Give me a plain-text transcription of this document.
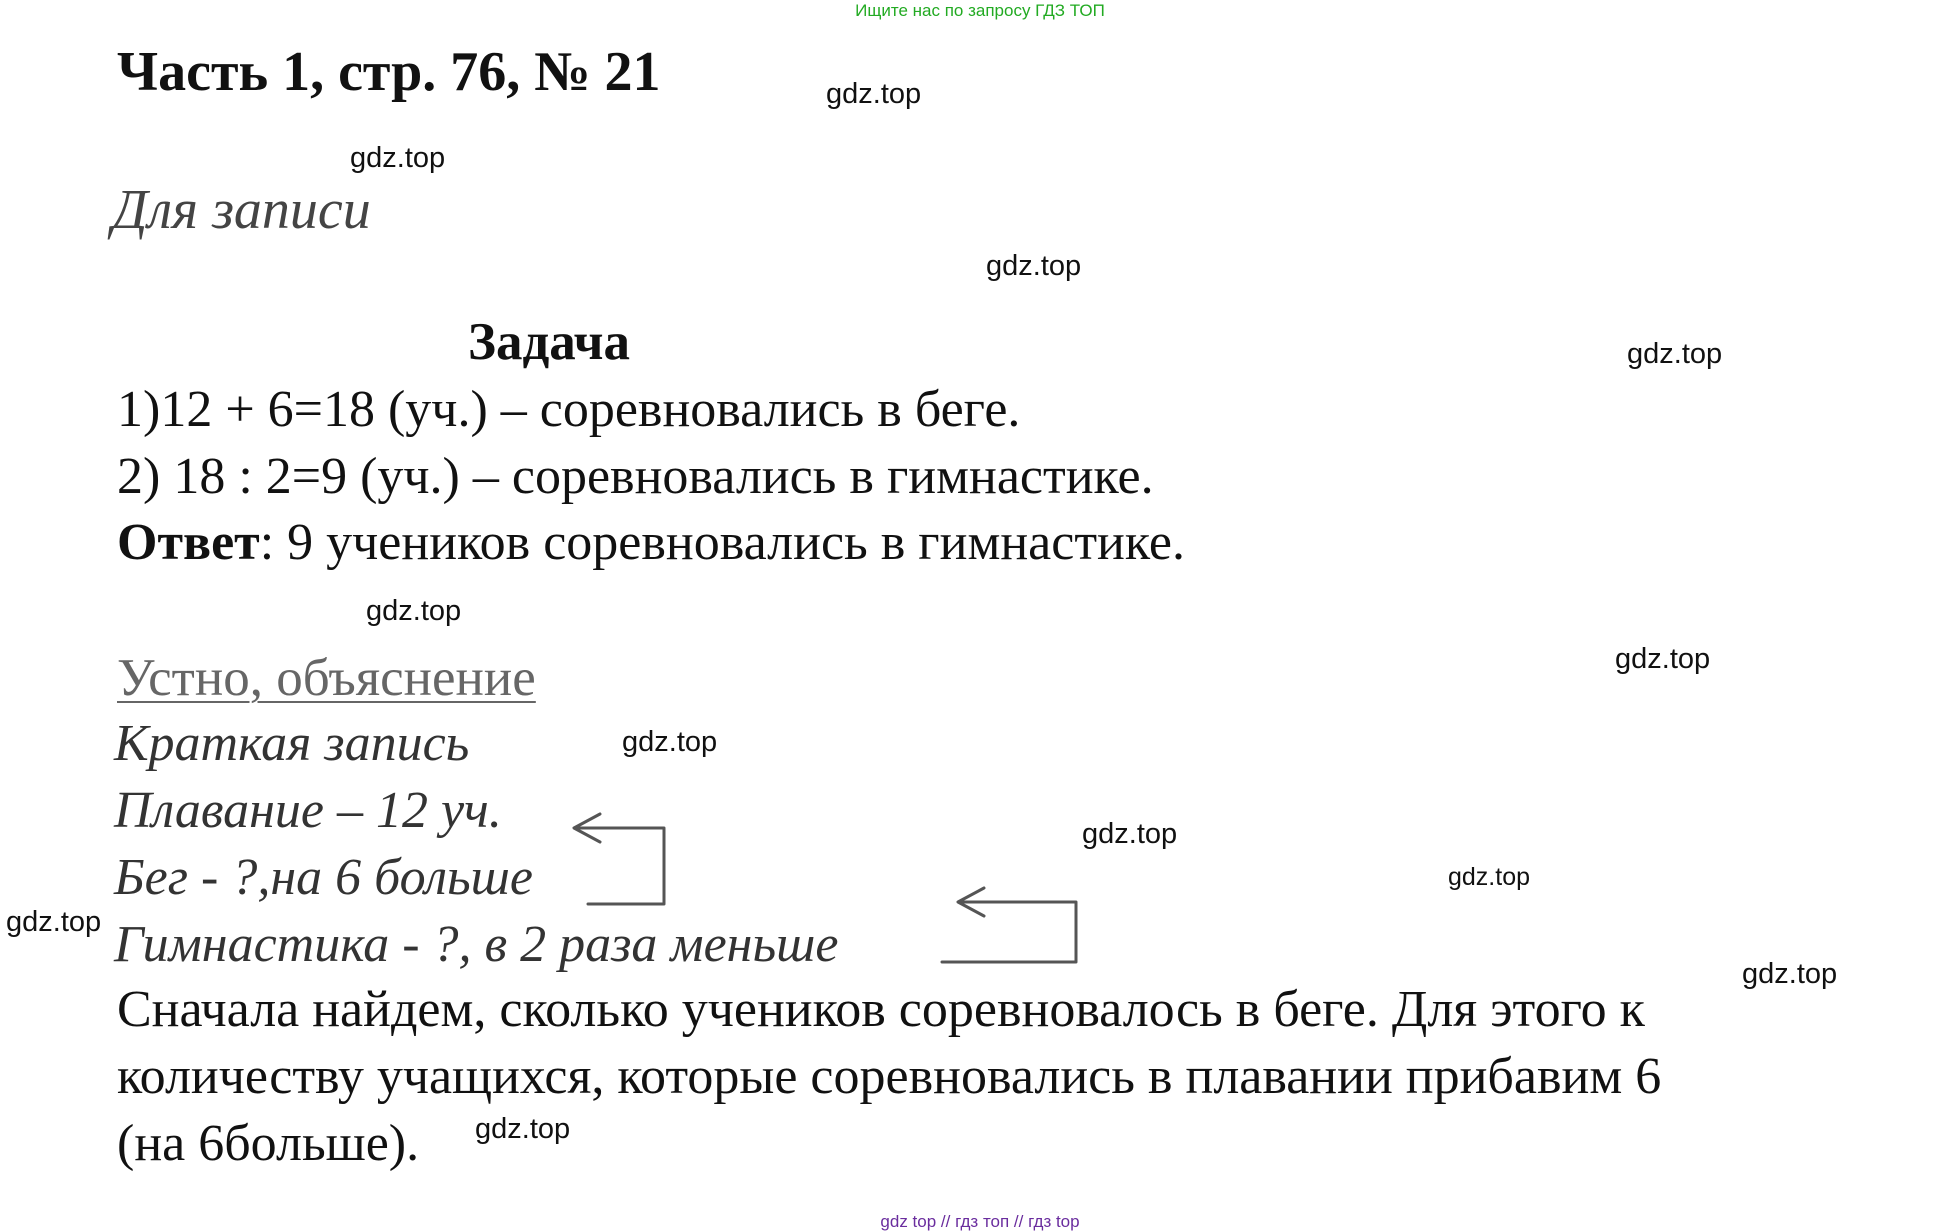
Ищите нас по запросу ГДЗ ТОП
Часть 1, стр. 76, № 21
Для записи
Задача
1)12 + 6=18 (уч.) – соревновались в беге.
2) 18 : 2=9 (уч.) – соревновались в гимнастике.
Ответ: 9 учеников соревновались в гимнастике.
Устно, объяснение
Краткая запись
Плавание – 12 уч.
Бег - ?,на 6 больше
Гимнастика - ?, в 2 раза меньше
Сначала найдем, сколько учеников соревновалось в беге. Для этого к
количеству учащихся, которые соревновались в плавании прибавим 6
(на 6больше).
gdz.top
gdz.top
gdz.top
gdz.top
gdz.top
gdz.top
gdz.top
gdz.top
gdz.top
gdz.top
gdz.top
gdz.top
gdz top // гдз топ // гдз top
